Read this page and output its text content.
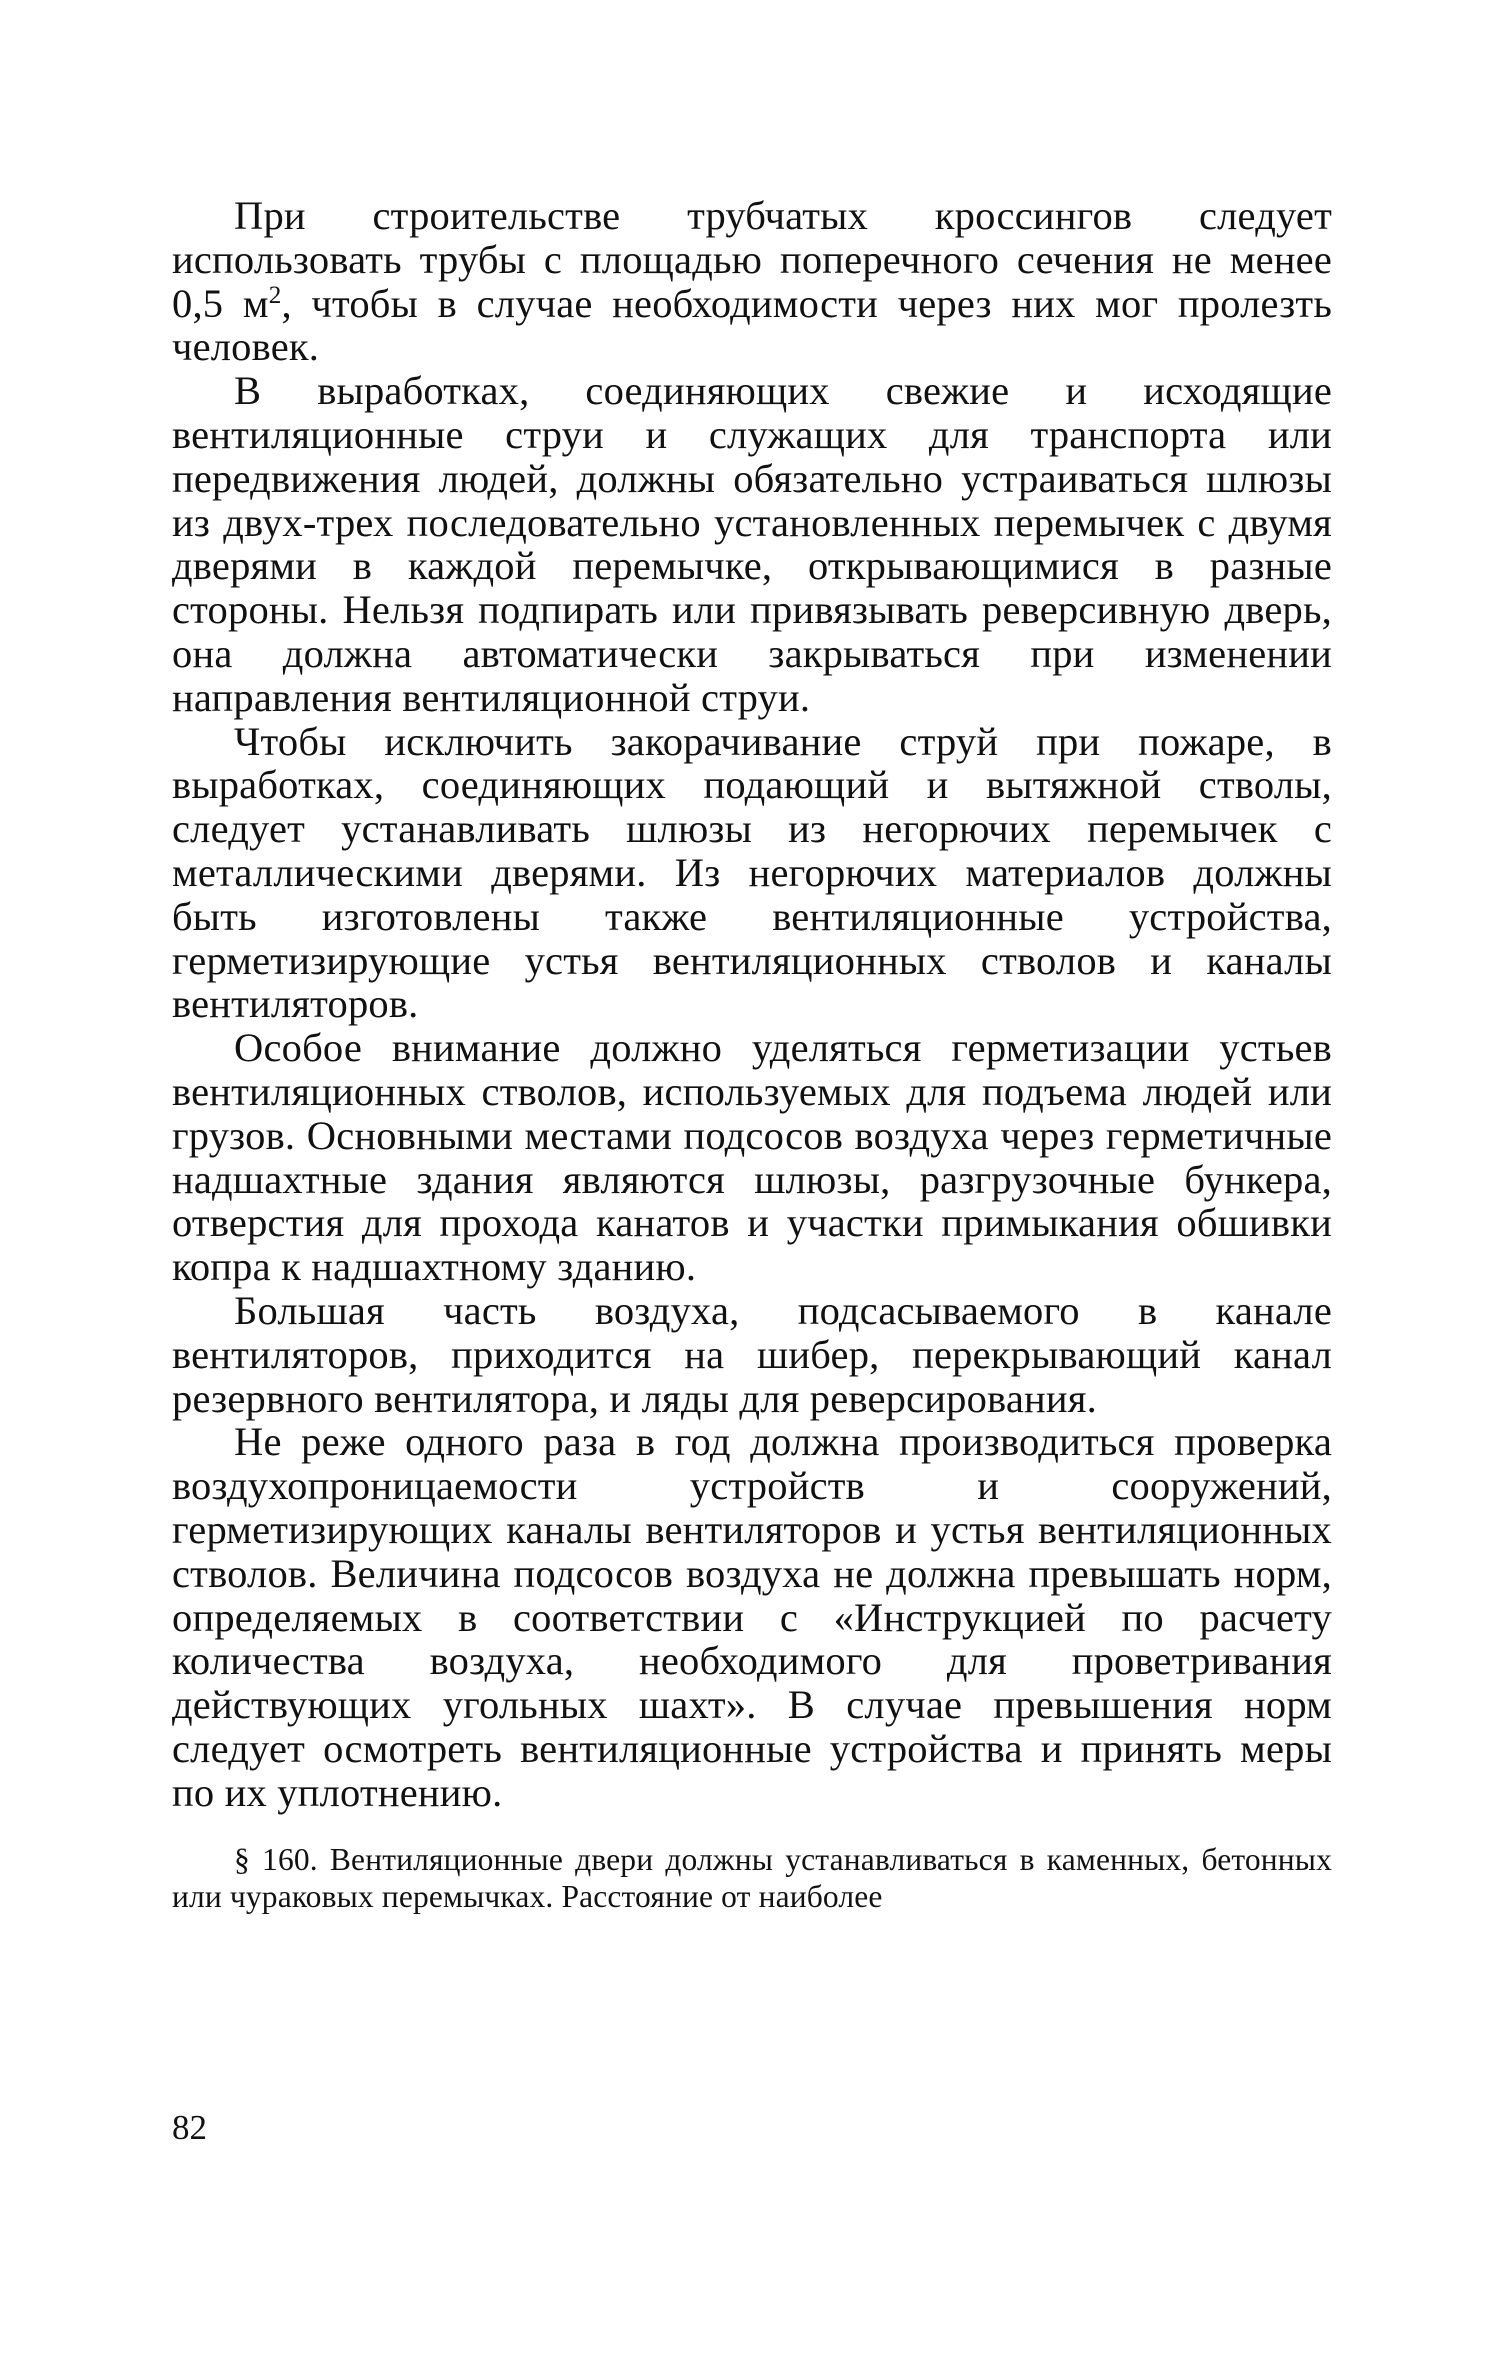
При строительстве трубчатых кроссингов следует использовать трубы с площадью поперечного сечения не менее 0,5 $м^2$, чтобы в случае необходимости через них мог пролезть человек.

В выработках, соединяющих свежие и исходящие вентиляционные струи и служащих для транспорта или передвижения людей, должны обязательно устраиваться шлюзы из двух-трех последовательно установленных перемычек с двумя дверями в каждой перемычке, открывающимися в разные стороны. Нельзя подпирать или привязывать реверсивную дверь, она должна автоматически закрываться при изменении направления вентиляционной струи.

Чтобы исключить закорачивание струй при пожаре, в выработках, соединяющих подающий и вытяжной стволы, следует устанавливать шлюзы из негорючих перемычек с металлическими дверями. Из негорючих материалов должны быть изготовлены также вентиляционные устройства, герметизирующие устья вентиляционных стволов и каналы вентиляторов.

Особое внимание должно уделяться герметизации устьев вентиляционных стволов, используемых для подъема людей или грузов. Основными местами подсосов воздуха через герметичные надшахтные здания являются шлюзы, разгрузочные бункера, отверстия для прохода канатов и участки примыкания обшивки копра к надшахтному зданию.

Большая часть воздуха, подсасываемого в канале вентиляторов, приходится на шибер, перекрывающий канал резервного вентилятора, и ляды для реверсирования.

Не реже одного раза в год должна производиться проверка воздухопроницаемости устройств и сооружений, герметизирующих каналы вентиляторов и устья вентиляционных стволов. Величина подсосов воздуха не должна превышать норм, определяемых в соответствии с «Инструкцией по расчету количества воздуха, необходимого для проветривания действующих угольных шахт». В случае превышения норм следует осмотреть вентиляционные устройства и принять меры по их уплотнению.

§ 160. Вентиляционные двери должны устанавливаться в каменных, бетонных или чураковых перемычках. Расстояние от наиболее

82
